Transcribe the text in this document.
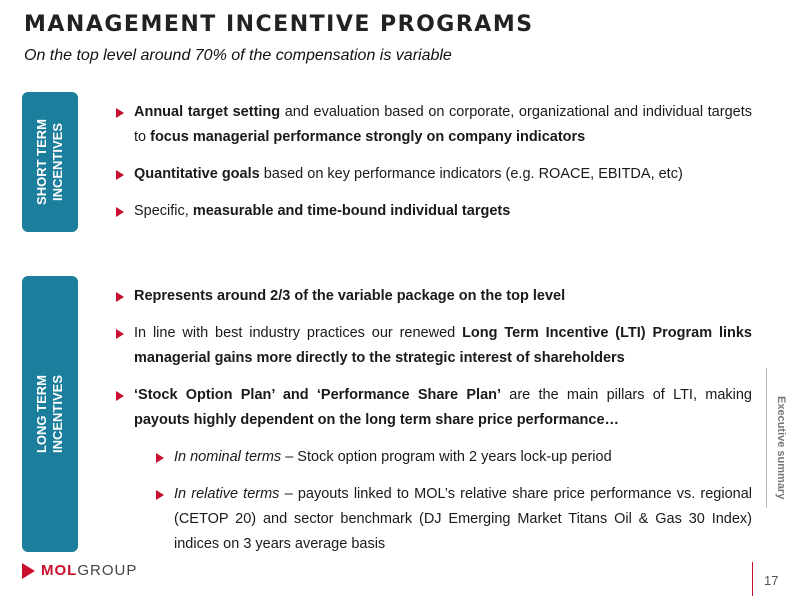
MANAGEMENT INCENTIVE PROGRAMS
On the top level around 70% of the compensation is variable
SHORT TERM
INCENTIVES
LONG TERM
INCENTIVES
Annual target setting and evaluation based on corporate, organizational and individual targets to focus managerial performance strongly on company indicators
Quantitative goals based on key performance indicators (e.g. ROACE, EBITDA, etc)
Specific, measurable and time-bound individual targets
Represents around 2/3 of the variable package on the top level
In line with best industry practices our renewed Long Term Incentive (LTI) Program links managerial gains more directly to the strategic interest of shareholders
‘Stock Option Plan’ and ‘Performance Share Plan’ are the main pillars of LTI, making payouts highly dependent on the long term share price performance…
In nominal terms – Stock option program with 2 years lock-up period
In relative terms – payouts linked to MOL’s relative share price performance vs. regional (CETOP 20) and sector benchmark (DJ Emerging Market Titans Oil & Gas 30 Index) indices on 3 years average basis
Executive summary
MOLGROUP
17
